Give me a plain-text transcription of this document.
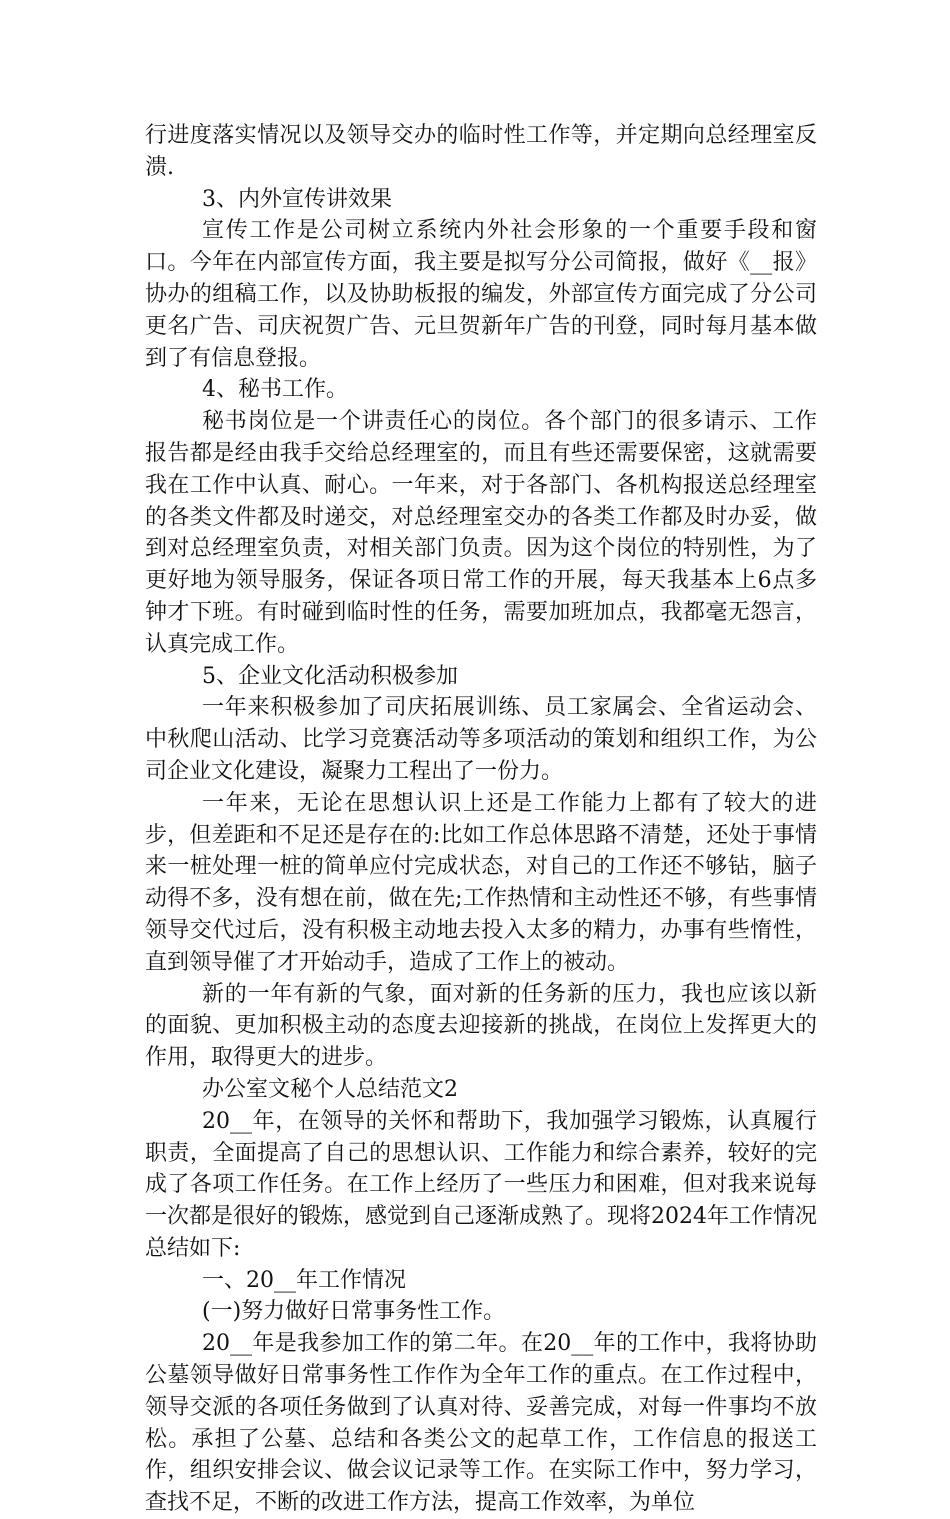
行进度落实情况以及领导交办的临时性工作等，并定期向总经理室反溃.

3、内外宣传讲效果

宣传工作是公司树立系统内外社会形象的一个重要手段和窗口。今年在内部宣传方面，我主要是拟写分公司简报，做好《__报》协办的组稿工作，以及协助板报的编发，外部宣传方面完成了分公司更名广告、司庆祝贺广告、元旦贺新年广告的刊登，同时每月基本做到了有信息登报。

4、秘书工作。

秘书岗位是一个讲责任心的岗位。各个部门的很多请示、工作报告都是经由我手交给总经理室的，而且有些还需要保密，这就需要我在工作中认真、耐心。一年来，对于各部门、各机构报送总经理室的各类文件都及时递交，对总经理室交办的各类工作都及时办妥，做到对总经理室负责，对相关部门负责。因为这个岗位的特别性，为了更好地为领导服务，保证各项日常工作的开展，每天我基本上6点多钟才下班。有时碰到临时性的任务，需要加班加点，我都毫无怨言，认真完成工作。

5、企业文化活动积极参加

一年来积极参加了司庆拓展训练、员工家属会、全省运动会、中秋爬山活动、比学习竞赛活动等多项活动的策划和组织工作，为公司企业文化建设，凝聚力工程出了一份力。

一年来，无论在思想认识上还是工作能力上都有了较大的进步，但差距和不足还是存在的:比如工作总体思路不清楚，还处于事情来一桩处理一桩的简单应付完成状态，对自己的工作还不够钻，脑子动得不多，没有想在前，做在先;工作热情和主动性还不够，有些事情领导交代过后，没有积极主动地去投入太多的精力，办事有些惰性，直到领导催了才开始动手，造成了工作上的被动。

新的一年有新的气象，面对新的任务新的压力，我也应该以新的面貌、更加积极主动的态度去迎接新的挑战，在岗位上发挥更大的作用，取得更大的进步。

办公室文秘个人总结范文2

20__年，在领导的关怀和帮助下，我加强学习锻炼，认真履行职责，全面提高了自己的思想认识、工作能力和综合素养，较好的完成了各项工作任务。在工作上经历了一些压力和困难，但对我来说每一次都是很好的锻炼，感觉到自己逐渐成熟了。现将2024年工作情况总结如下:

一、20__年工作情况

(一)努力做好日常事务性工作。

20__年是我参加工作的第二年。在20__年的工作中，我将协助公墓领导做好日常事务性工作作为全年工作的重点。在工作过程中，领导交派的各项任务做到了认真对待、妥善完成，对每一件事均不放松。承担了公墓、总结和各类公文的起草工作，工作信息的报送工作，组织安排会议、做会议记录等工作。在实际工作中，努力学习，查找不足，不断的改进工作方法，提高工作效率，为单位
